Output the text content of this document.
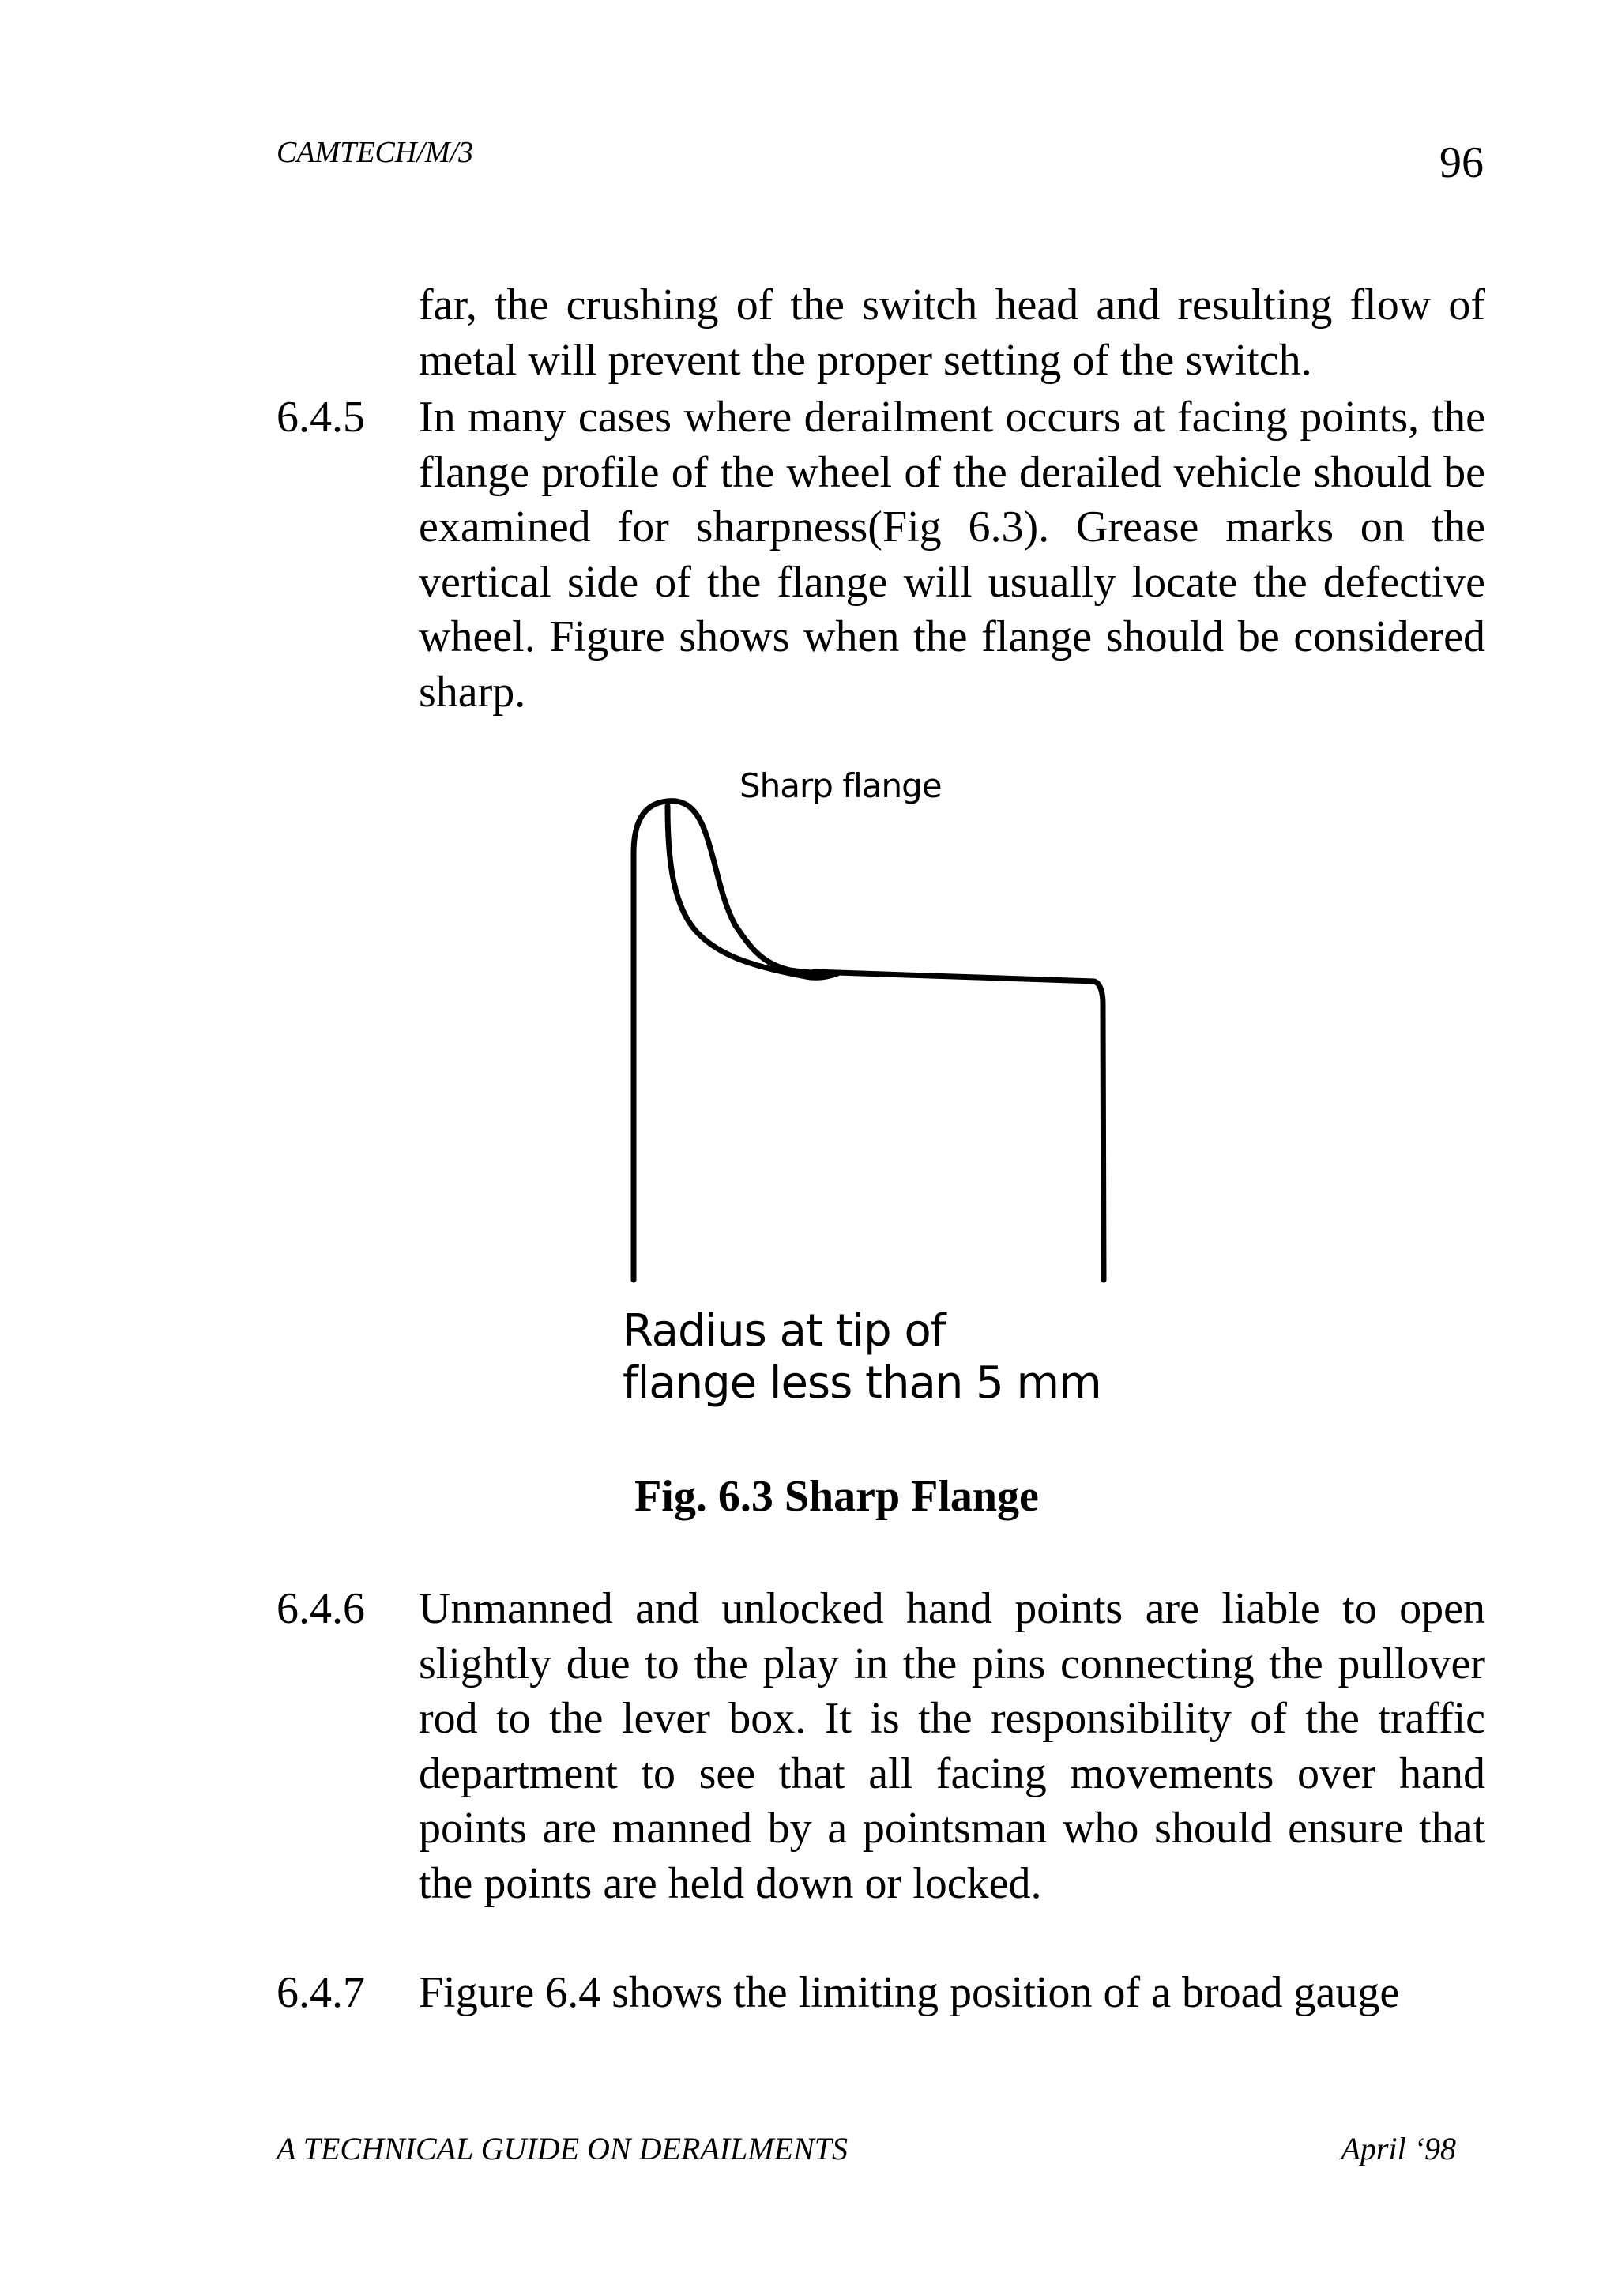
CAMTECH/M/3	96
far, the crushing of the switch head and resulting flow of metal will prevent the proper setting of the switch.
6.4.5	In many cases where derailment occurs at facing points, the flange profile of the wheel of the derailed vehicle should be examined for sharpness(Fig 6.3). Grease marks on the vertical side of the flange will usually locate the defective wheel. Figure shows when the flange should be considered sharp.
Sharp flange
Radius at tip of
flange less than 5 mm
Fig. 6.3 Sharp Flange
6.4.6	Unmanned and unlocked hand points are liable to open slightly due to the play in the pins connecting the pullover rod to the lever box. It is the responsibility of the traffic department to see that all facing movements over hand points are manned by a pointsman who should ensure that the points are held down or locked.
6.4.7	Figure 6.4 shows the limiting position of a broad gauge
A TECHNICAL GUIDE ON DERAILMENTS	April ‘98
